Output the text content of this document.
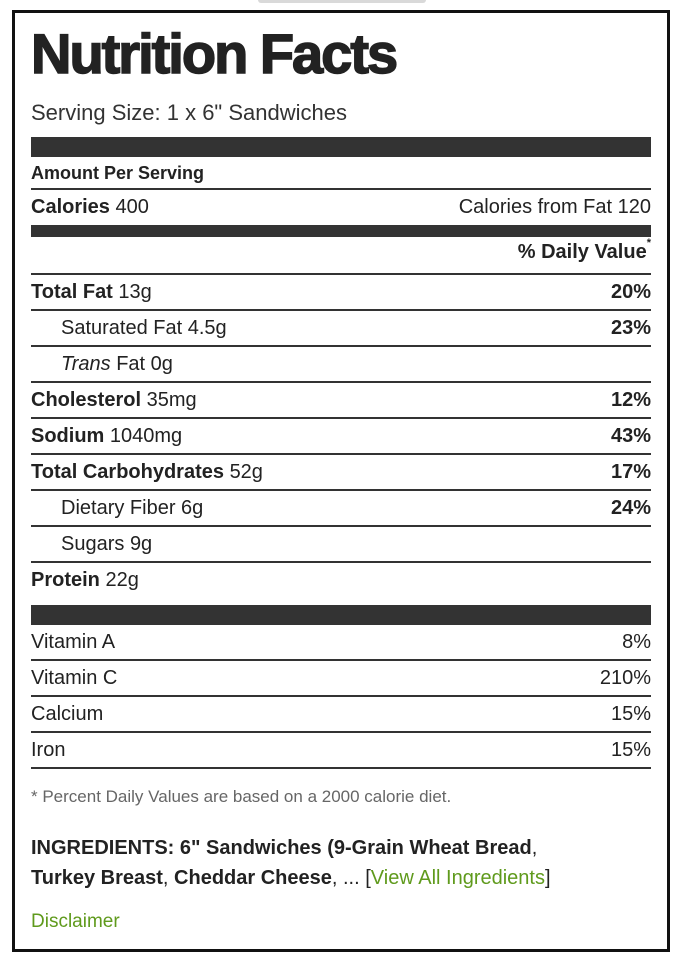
Nutrition Facts
Serving Size: 1 x 6" Sandwiches
Amount Per Serving
Calories 400	Calories from Fat 120
% Daily Value*
Total Fat 13g	20%
Saturated Fat 4.5g	23%
Trans Fat 0g
Cholesterol 35mg	12%
Sodium 1040mg	43%
Total Carbohydrates 52g	17%
Dietary Fiber 6g	24%
Sugars 9g
Protein 22g
Vitamin A	8%
Vitamin C	210%
Calcium	15%
Iron	15%
* Percent Daily Values are based on a 2000 calorie diet.
INGREDIENTS: 6" Sandwiches (9-Grain Wheat Bread,
Turkey Breast, Cheddar Cheese, ... [View All Ingredients]
Disclaimer
